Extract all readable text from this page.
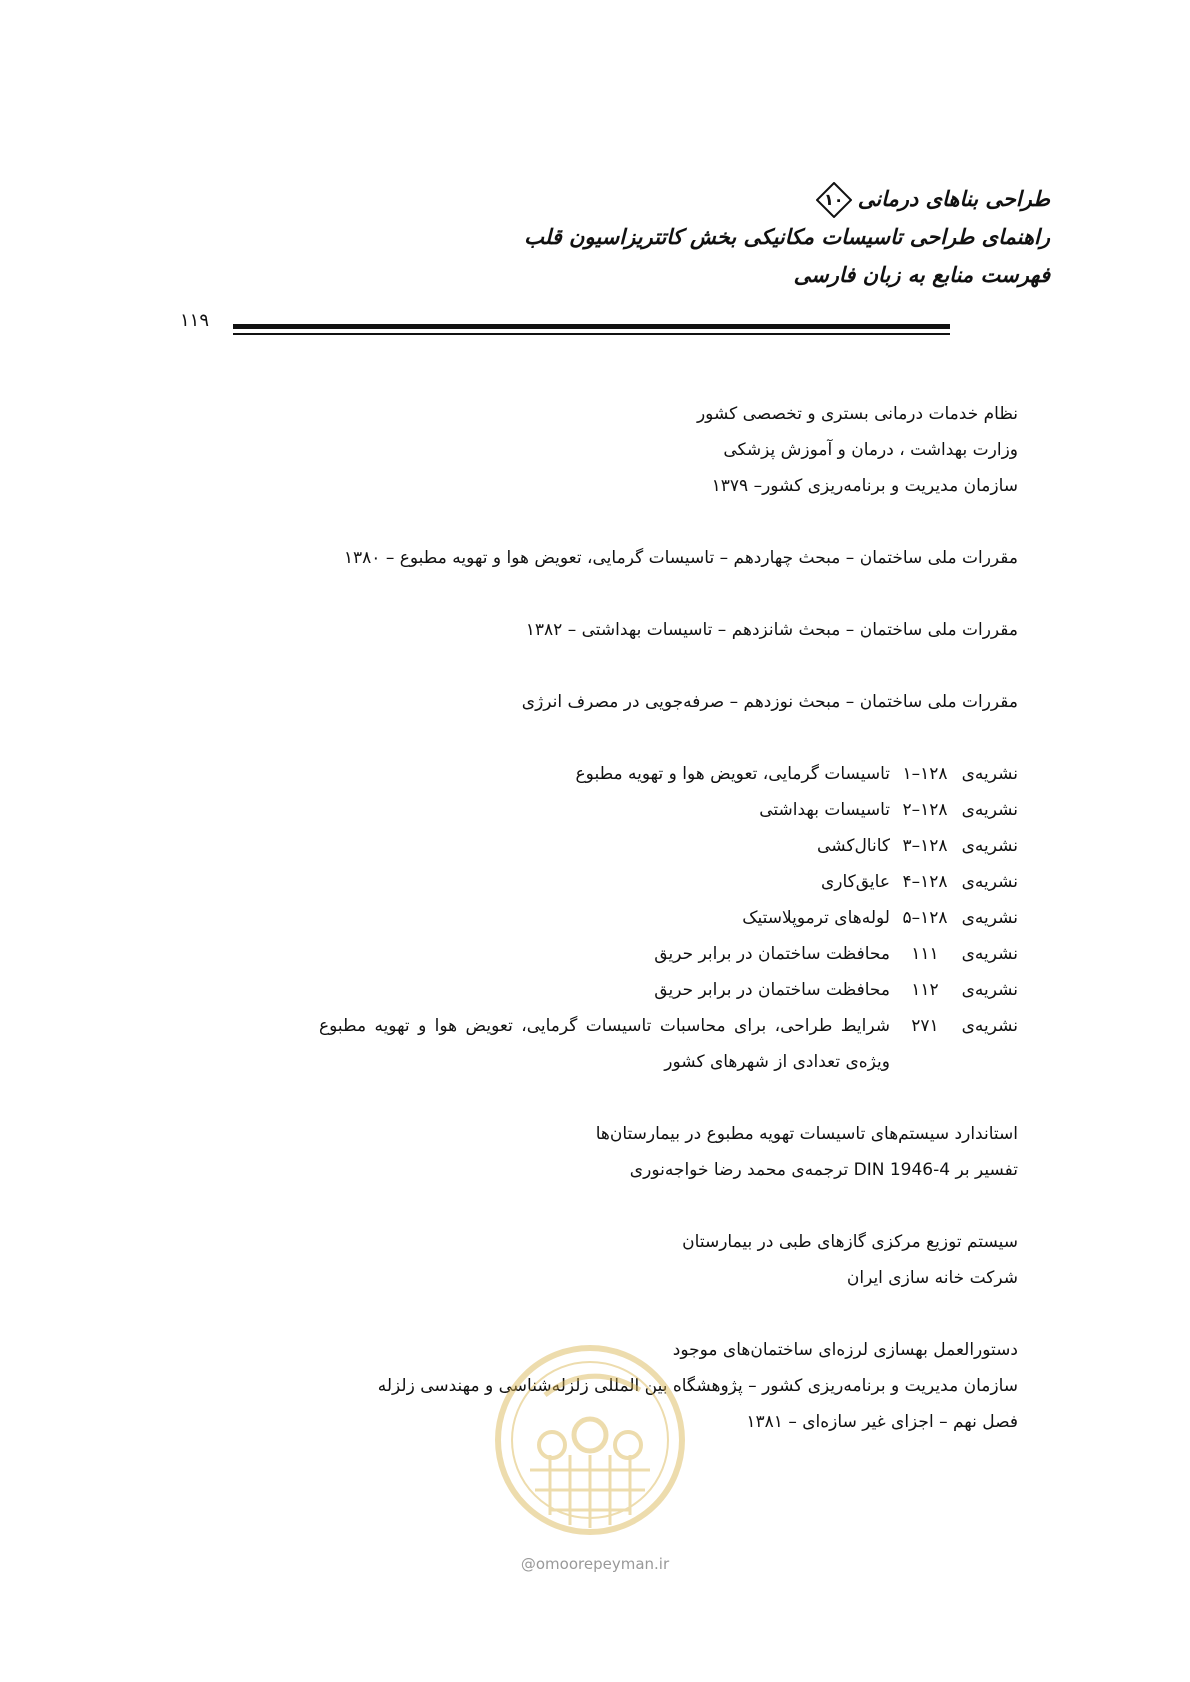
طراحی بناهای درمانی
۱۰
راهنمای طراحی تاسیسات مکانیکی بخش کاتتریزاسیون قلب
فهرست منابع به زبان فارسی
۱۱۹
نظام خدمات درمانی بستری و تخصصی کشور
وزارت بهداشت ، درمان و آموزش پزشکی
سازمان مدیریت و برنامه‌ریزی کشور– ۱۳۷۹
مقررات ملی ساختمان – مبحث چهاردهم – تاسیسات گرمایی، تعویض هوا و تهویه مطبوع – ۱۳۸۰
مقررات ملی ساختمان – مبحث شانزدهم – تاسیسات بهداشتی – ۱۳۸۲
مقررات ملی ساختمان – مبحث نوزدهم – صرفه‌جویی در مصرف انرژی
نشریه‌ی۱۲۸–۱تاسیسات گرمایی، تعویض هوا و تهویه مطبوع
نشریه‌ی۱۲۸–۲تاسیسات بهداشتی
نشریه‌ی۱۲۸–۳کانال‌کشی
نشریه‌ی۱۲۸–۴عایق‌کاری
نشریه‌ی۱۲۸–۵لوله‌های ترموپلاستیک
نشریه‌ی۱۱۱محافظت ساختمان در برابر حریق
نشریه‌ی۱۱۲محافظت ساختمان در برابر حریق
نشریه‌ی۲۷۱شرایط طراحی، برای محاسبات تاسیسات گرمایی، تعویض هوا و تهویه مطبوع
ویژه‌ی تعدادی از شهرهای کشور
استاندارد سیستم‌های تاسیسات تهویه مطبوع در بیمارستان‌ها
تفسیر بر DIN 1946-4 ترجمه‌ی محمد رضا خواجه‌نوری
سیستم توزیع مرکزی گازهای طبی در بیمارستان
شرکت خانه سازی ایران
دستورالعمل بهسازی لرزه‌ای ساختمان‌های موجود
سازمان مدیریت و برنامه‌ریزی کشور – پژوهشگاه بین المللی زلزله‌شناسی و مهندسی زلزله
فصل نهم – اجزای غیر سازه‌ای – ۱۳۸۱
@omoorepeyman.ir
